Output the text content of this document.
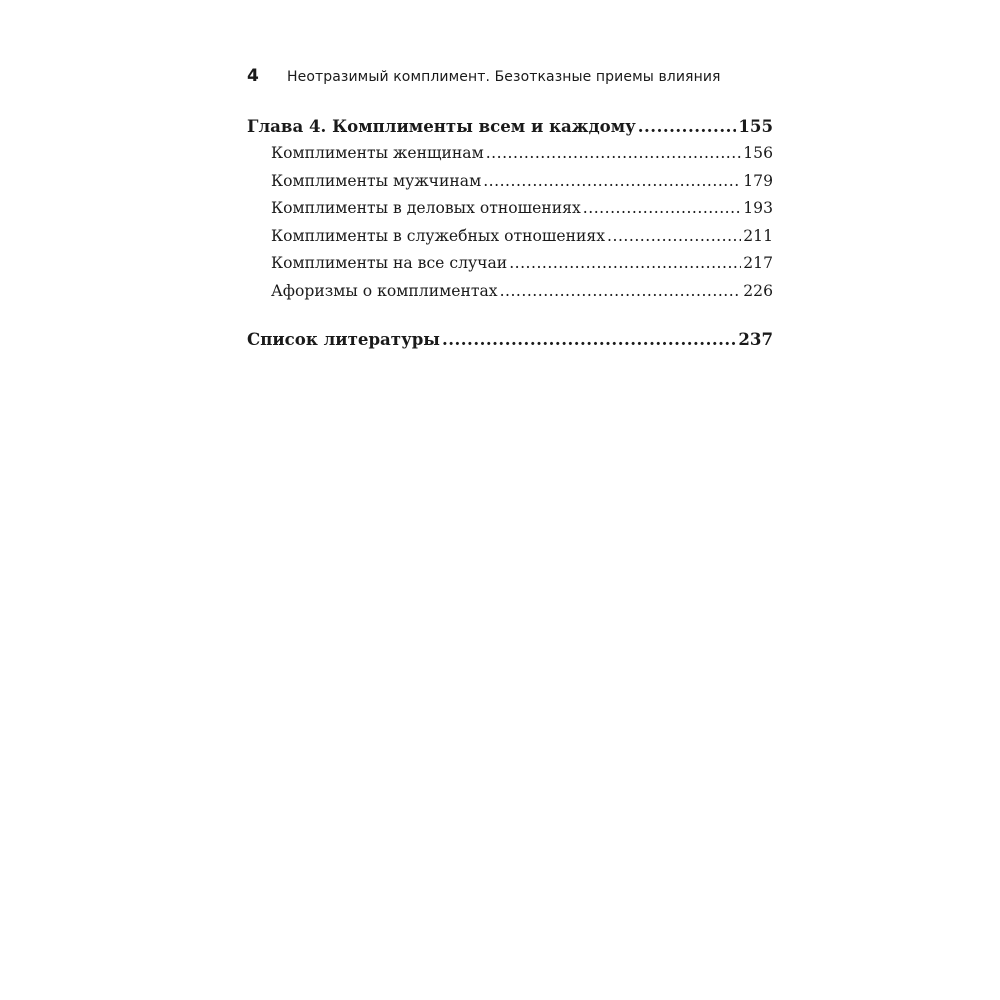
4	Неотразимый комплимент. Безотказные приемы влияния
Глава 4. Комплименты всем и каждому .....	155
Комплименты женщинам .....	156
Комплименты мужчинам .....	179
Комплименты в деловых отношениях .....	193
Комплименты в служебных отношениях .....	211
Комплименты на все случаи .....	217
Афоризмы о комплиментах .....	226
Список литературы .....	237
